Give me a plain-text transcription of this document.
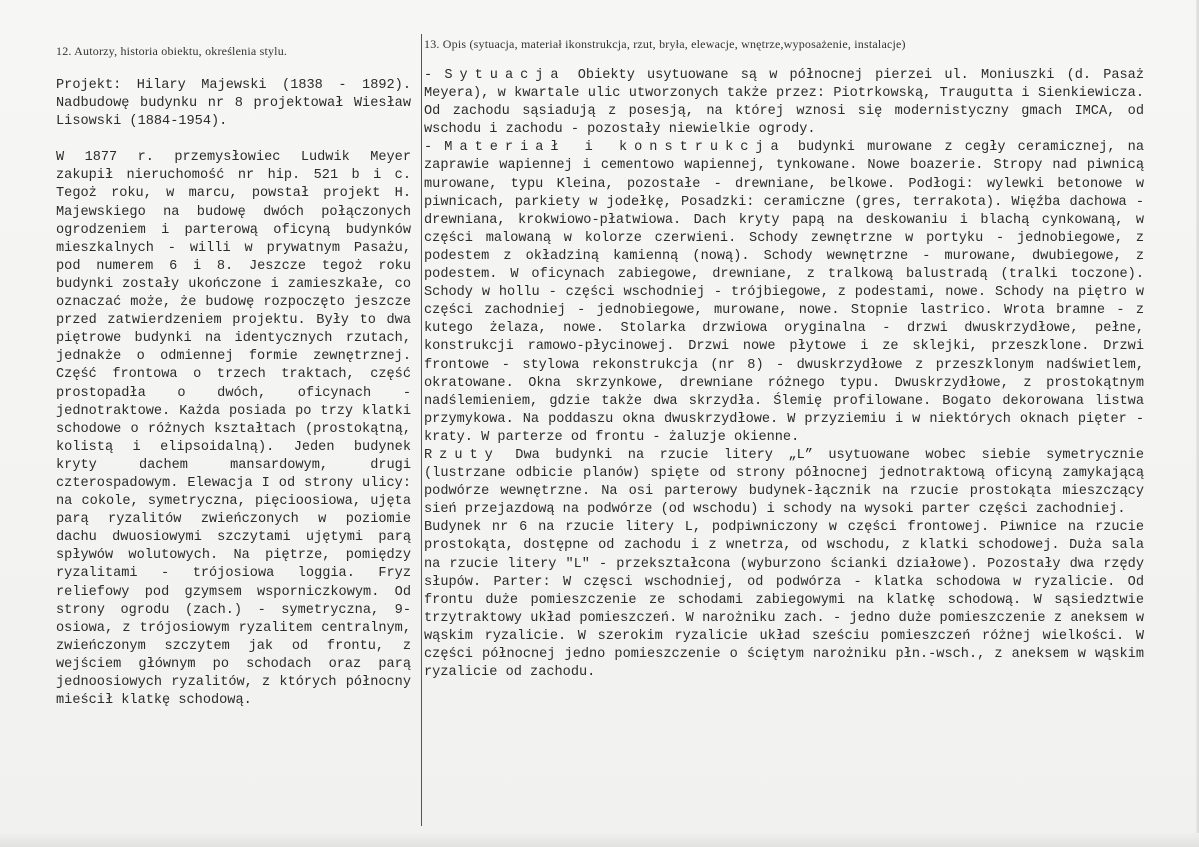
12. Autorzy, historia obiektu, określenia stylu.

Projekt: Hilary Majewski (1838 - 1892). Nadbudowę budynku nr 8 projektował Wiesław Lisowski (1884-1954).

W 1877 r. przemysłowiec Ludwik Meyer zakupił nieruchomość nr hip. 521 b i c. Tegoż roku, w marcu, powstał projekt H. Majewskiego na budowę dwóch połączonych ogrodzeniem i parterową oficyną budynków mieszkalnych - willi w prywatnym Pasażu, pod numerem 6 i 8. Jeszcze tegoż roku budynki zostały ukończone i zamieszkałe, co oznaczać może, że budowę rozpoczęto jeszcze przed zatwierdzeniem projektu. Były to dwa piętrowe budynki na identycznych rzutach, jednakże o odmiennej formie zewnętrznej. Część frontowa o trzech traktach, część prostopadła o dwóch, oficynach - jednotraktowe. Każda posiada po trzy klatki schodowe o różnych kształtach (prostokątną, kolistą i elipsoidalną). Jeden budynek kryty dachem mansardowym, drugi czterospadowym. Elewacja I od strony ulicy: na cokole, symetryczna, pięcioosiowa, ujęta parą ryzalitów zwieńczonych w poziomie dachu dwuosiowymi szczytami ujętymi parą spływów wolutowych. Na piętrze, pomiędzy ryzalitami - trójosiowa loggia. Fryz reliefowy pod gzymsem wsporniczkowym. Od strony ogrodu (zach.) - symetryczna, 9-osiowa, z trójosiowym ryzalitem centralnym, zwieńczonym szczytem jak od frontu, z wejściem głównym po schodach oraz parą jednoosiowych ryzalitów, z których północny mieścił klatkę schodową.

13. Opis (sytuacja, materiał ikonstrukcja, rzut, bryła, elewacje, wnętrze,wyposażenie, instalacje)

- Sytuacja Obiekty usytuowane są w północnej pierzei ul. Moniuszki (d. Pasaż Meyera), w kwartale ulic utworzonych także przez: Piotrkowską, Traugutta i Sienkiewicza. Od zachodu sąsiadują z posesją, na której wznosi się modernistyczny gmach IMCA, od wschodu i zachodu - pozostały niewielkie ogrody.

- Materiał i konstrukcja budynki murowane z cegły ceramicznej, na zaprawie wapiennej i cementowo wapiennej, tynkowane. Nowe boazerie. Stropy nad piwnicą murowane, typu Kleina, pozostałe - drewniane, belkowe. Podłogi: wylewki betonowe w piwnicach, parkiety w jodełkę, Posadzki: ceramiczne (gres, terrakota). Więźba dachowa - drewniana, krokwiowo-płatwiowa. Dach kryty papą na deskowaniu i blachą cynkowaną, w części malowaną w kolorze czerwieni. Schody zewnętrzne w portyku - jednobiegowe, z podestem z okładziną kamienną (nową). Schody wewnętrzne - murowane, dwubiegowe, z podestem. W oficynach zabiegowe, drewniane, z tralkową balustradą (tralki toczone). Schody w hollu - części wschodniej - trójbiegowe, z podestami, nowe. Schody na piętro w części zachodniej - jednobiegowe, murowane, nowe. Stopnie lastrico. Wrota bramne - z kutego żelaza, nowe. Stolarka drzwiowa oryginalna - drzwi dwuskrzydłowe, pełne, konstrukcji ramowo-płycinowej. Drzwi nowe płytowe i ze sklejki, przeszklone. Drzwi frontowe - stylowa rekonstrukcja (nr 8) - dwuskrzydłowe z przeszklonym nadświetlem, okratowane. Okna skrzynkowe, drewniane różnego typu. Dwuskrzydłowe, z prostokątnym nadślemieniem, gdzie także dwa skrzydła. Ślemię profilowane. Bogato dekorowana listwa przymykowa. Na poddaszu okna dwuskrzydłowe. W przyziemiu i w niektórych oknach pięter - kraty. W parterze od frontu - żaluzje okienne.

Rzuty Dwa budynki na rzucie litery „L” usytuowane wobec siebie symetrycznie (lustrzane odbicie planów) spięte od strony północnej jednotraktową oficyną zamykającą podwórze wewnętrzne. Na osi parterowy budynek-łącznik na rzucie prostokąta mieszczący sień przejazdową na podwórze (od wschodu) i schody na wysoki parter części zachodniej.

Budynek nr 6 na rzucie litery L, podpiwniczony w części frontowej. Piwnice na rzucie prostokąta, dostępne od zachodu i z wnetrza, od wschodu, z klatki schodowej. Duża sala na rzucie litery "L" - przekształcona (wyburzono ścianki działowe). Pozostały dwa rzędy słupów. Parter: W częsci wschodniej, od podwórza - klatka schodowa w ryzalicie. Od frontu duże pomieszczenie ze schodami zabiegowymi na klatkę schodową. W sąsiedztwie trzytraktowy układ pomieszczeń. W narożniku zach. - jedno duże pomieszczenie z aneksem w wąskim ryzalicie. W szerokim ryzalicie układ sześciu pomieszczeń różnej wielkości. W części północnej jedno pomieszczenie o ściętym narożniku płn.-wsch., z aneksem w wąskim ryzalicie od zachodu.
